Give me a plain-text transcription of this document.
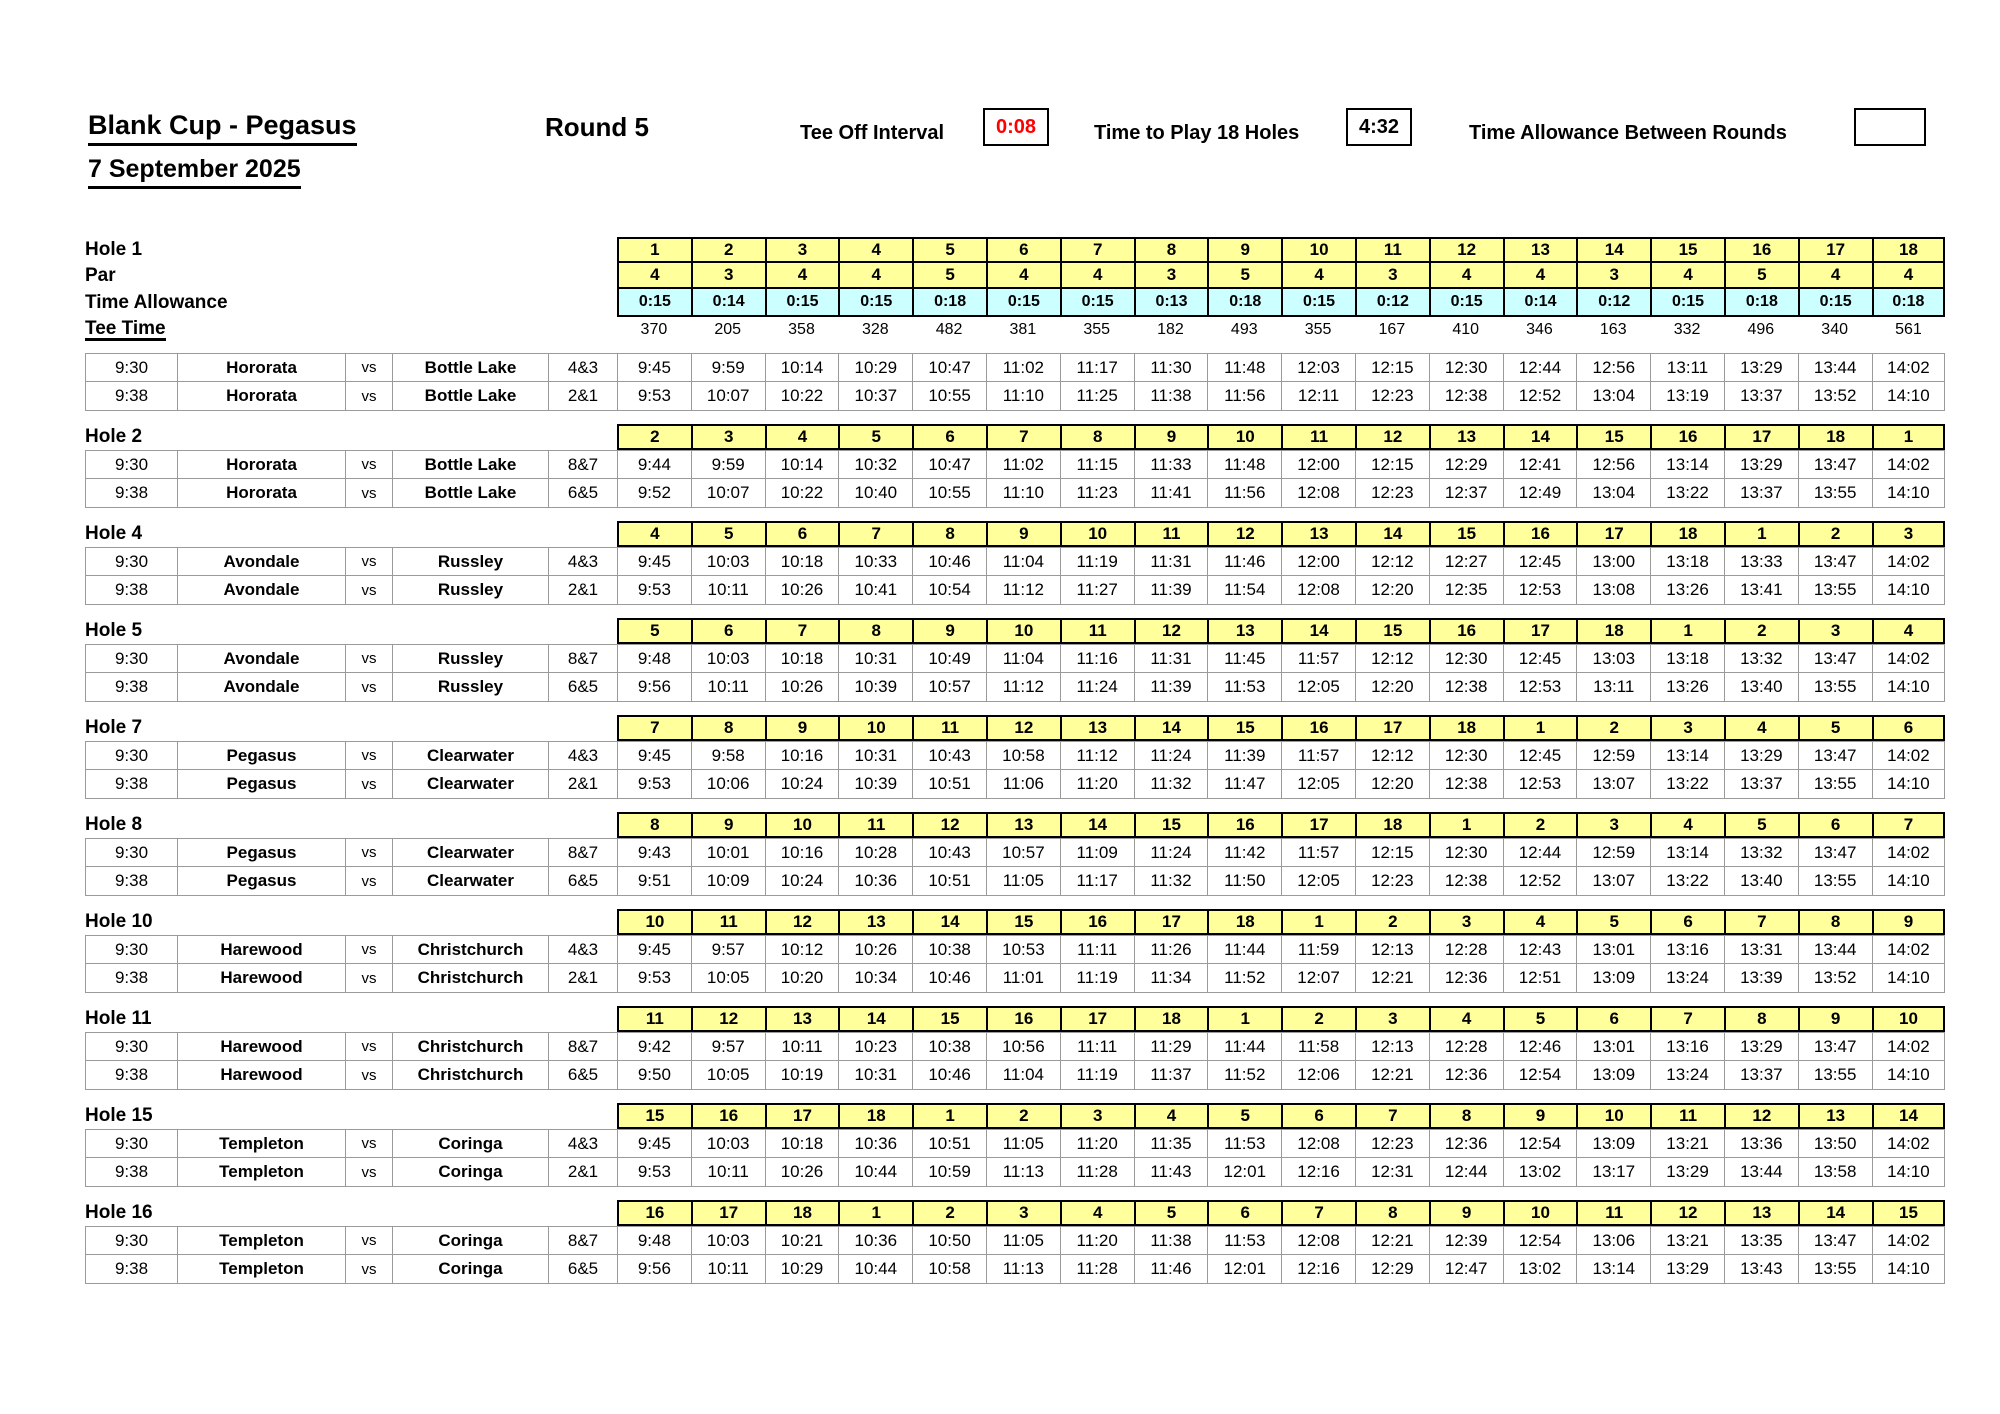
Blank Cup - Pegasus
7 September 2025
Round 5	Tee Off Interval	0:08	Time to Play 18 Holes	4:32	Time Allowance Between Rounds
Hole 1	1	2	3	4	5	6	7	8	9	10	11	12	13	14	15	16	17	18
Par	4	3	4	4	5	4	4	3	5	4	3	4	4	3	4	5	4	4
Time Allowance	0:15	0:14	0:15	0:15	0:18	0:15	0:15	0:13	0:18	0:15	0:12	0:15	0:14	0:12	0:15	0:18	0:15	0:18
Tee Time	370	205	358	328	482	381	355	182	493	355	167	410	346	163	332	496	340	561
9:30	Hororata	vs	Bottle Lake	4&3	9:45	9:59	10:14	10:29	10:47	11:02	11:17	11:30	11:48	12:03	12:15	12:30	12:44	12:56	13:11	13:29	13:44	14:02
9:38	Hororata	vs	Bottle Lake	2&1	9:53	10:07	10:22	10:37	10:55	11:10	11:25	11:38	11:56	12:11	12:23	12:38	12:52	13:04	13:19	13:37	13:52	14:10
Hole 2	2	3	4	5	6	7	8	9	10	11	12	13	14	15	16	17	18	1
9:30	Hororata	vs	Bottle Lake	8&7	9:44	9:59	10:14	10:32	10:47	11:02	11:15	11:33	11:48	12:00	12:15	12:29	12:41	12:56	13:14	13:29	13:47	14:02
9:38	Hororata	vs	Bottle Lake	6&5	9:52	10:07	10:22	10:40	10:55	11:10	11:23	11:41	11:56	12:08	12:23	12:37	12:49	13:04	13:22	13:37	13:55	14:10
Hole 4	4	5	6	7	8	9	10	11	12	13	14	15	16	17	18	1	2	3
9:30	Avondale	vs	Russley	4&3	9:45	10:03	10:18	10:33	10:46	11:04	11:19	11:31	11:46	12:00	12:12	12:27	12:45	13:00	13:18	13:33	13:47	14:02
9:38	Avondale	vs	Russley	2&1	9:53	10:11	10:26	10:41	10:54	11:12	11:27	11:39	11:54	12:08	12:20	12:35	12:53	13:08	13:26	13:41	13:55	14:10
Hole 5	5	6	7	8	9	10	11	12	13	14	15	16	17	18	1	2	3	4
9:30	Avondale	vs	Russley	8&7	9:48	10:03	10:18	10:31	10:49	11:04	11:16	11:31	11:45	11:57	12:12	12:30	12:45	13:03	13:18	13:32	13:47	14:02
9:38	Avondale	vs	Russley	6&5	9:56	10:11	10:26	10:39	10:57	11:12	11:24	11:39	11:53	12:05	12:20	12:38	12:53	13:11	13:26	13:40	13:55	14:10
Hole 7	7	8	9	10	11	12	13	14	15	16	17	18	1	2	3	4	5	6
9:30	Pegasus	vs	Clearwater	4&3	9:45	9:58	10:16	10:31	10:43	10:58	11:12	11:24	11:39	11:57	12:12	12:30	12:45	12:59	13:14	13:29	13:47	14:02
9:38	Pegasus	vs	Clearwater	2&1	9:53	10:06	10:24	10:39	10:51	11:06	11:20	11:32	11:47	12:05	12:20	12:38	12:53	13:07	13:22	13:37	13:55	14:10
Hole 8	8	9	10	11	12	13	14	15	16	17	18	1	2	3	4	5	6	7
9:30	Pegasus	vs	Clearwater	8&7	9:43	10:01	10:16	10:28	10:43	10:57	11:09	11:24	11:42	11:57	12:15	12:30	12:44	12:59	13:14	13:32	13:47	14:02
9:38	Pegasus	vs	Clearwater	6&5	9:51	10:09	10:24	10:36	10:51	11:05	11:17	11:32	11:50	12:05	12:23	12:38	12:52	13:07	13:22	13:40	13:55	14:10
Hole 10	10	11	12	13	14	15	16	17	18	1	2	3	4	5	6	7	8	9
9:30	Harewood	vs	Christchurch	4&3	9:45	9:57	10:12	10:26	10:38	10:53	11:11	11:26	11:44	11:59	12:13	12:28	12:43	13:01	13:16	13:31	13:44	14:02
9:38	Harewood	vs	Christchurch	2&1	9:53	10:05	10:20	10:34	10:46	11:01	11:19	11:34	11:52	12:07	12:21	12:36	12:51	13:09	13:24	13:39	13:52	14:10
Hole 11	11	12	13	14	15	16	17	18	1	2	3	4	5	6	7	8	9	10
9:30	Harewood	vs	Christchurch	8&7	9:42	9:57	10:11	10:23	10:38	10:56	11:11	11:29	11:44	11:58	12:13	12:28	12:46	13:01	13:16	13:29	13:47	14:02
9:38	Harewood	vs	Christchurch	6&5	9:50	10:05	10:19	10:31	10:46	11:04	11:19	11:37	11:52	12:06	12:21	12:36	12:54	13:09	13:24	13:37	13:55	14:10
Hole 15	15	16	17	18	1	2	3	4	5	6	7	8	9	10	11	12	13	14
9:30	Templeton	vs	Coringa	4&3	9:45	10:03	10:18	10:36	10:51	11:05	11:20	11:35	11:53	12:08	12:23	12:36	12:54	13:09	13:21	13:36	13:50	14:02
9:38	Templeton	vs	Coringa	2&1	9:53	10:11	10:26	10:44	10:59	11:13	11:28	11:43	12:01	12:16	12:31	12:44	13:02	13:17	13:29	13:44	13:58	14:10
Hole 16	16	17	18	1	2	3	4	5	6	7	8	9	10	11	12	13	14	15
9:30	Templeton	vs	Coringa	8&7	9:48	10:03	10:21	10:36	10:50	11:05	11:20	11:38	11:53	12:08	12:21	12:39	12:54	13:06	13:21	13:35	13:47	14:02
9:38	Templeton	vs	Coringa	6&5	9:56	10:11	10:29	10:44	10:58	11:13	11:28	11:46	12:01	12:16	12:29	12:47	13:02	13:14	13:29	13:43	13:55	14:10
